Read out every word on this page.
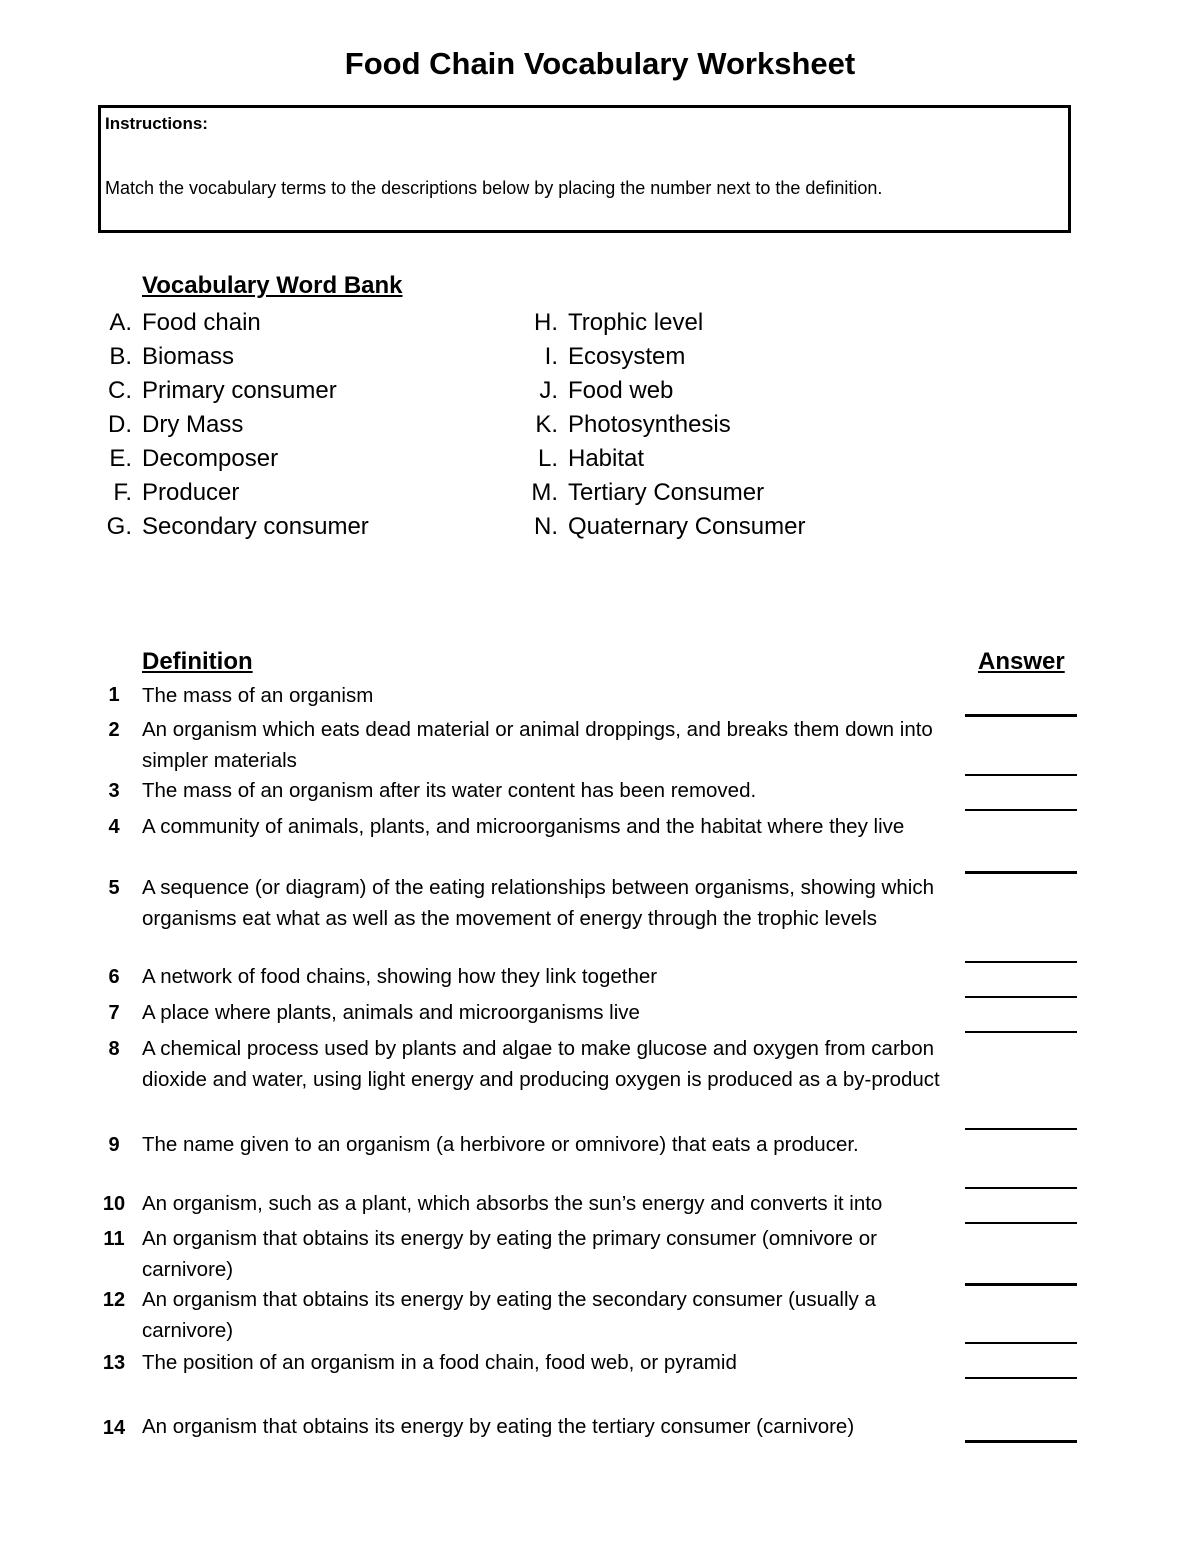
Food Chain Vocabulary Worksheet
Instructions:
Match the vocabulary terms to the descriptions below by placing the number next to the definition.
Vocabulary Word Bank
A. Food chain
B. Biomass
C. Primary consumer
D. Dry Mass
E. Decomposer
F. Producer
G. Secondary consumer
H. Trophic level
I. Ecosystem
J. Food web
K. Photosynthesis
L. Habitat
M. Tertiary Consumer
N. Quaternary Consumer
Definition	Answer
1	The mass of an organism
2	An organism which eats dead material or animal droppings, and breaks them down into simpler materials
3	The mass of an organism after its water content has been removed.
4	A community of animals, plants, and microorganisms and the habitat where they live
5	A sequence (or diagram) of the eating relationships between organisms, showing which organisms eat what as well as the movement of energy through the trophic levels
6	A network of food chains, showing how they link together
7	A place where plants, animals and microorganisms live
8	A chemical process used by plants and algae to make glucose and oxygen from carbon dioxide and water, using light energy and producing oxygen is produced as a by-product
9	The name given to an organism (a herbivore or omnivore) that eats a producer.
10 An organism, such as a plant, which absorbs the sun’s energy and converts it into
11 An organism that obtains its energy by eating the primary consumer (omnivore or carnivore)
12 An organism that obtains its energy by eating the secondary consumer (usually a carnivore)
13 The position of an organism in a food chain, food web, or pyramid
14 An organism that obtains its energy by eating the tertiary consumer (carnivore)
